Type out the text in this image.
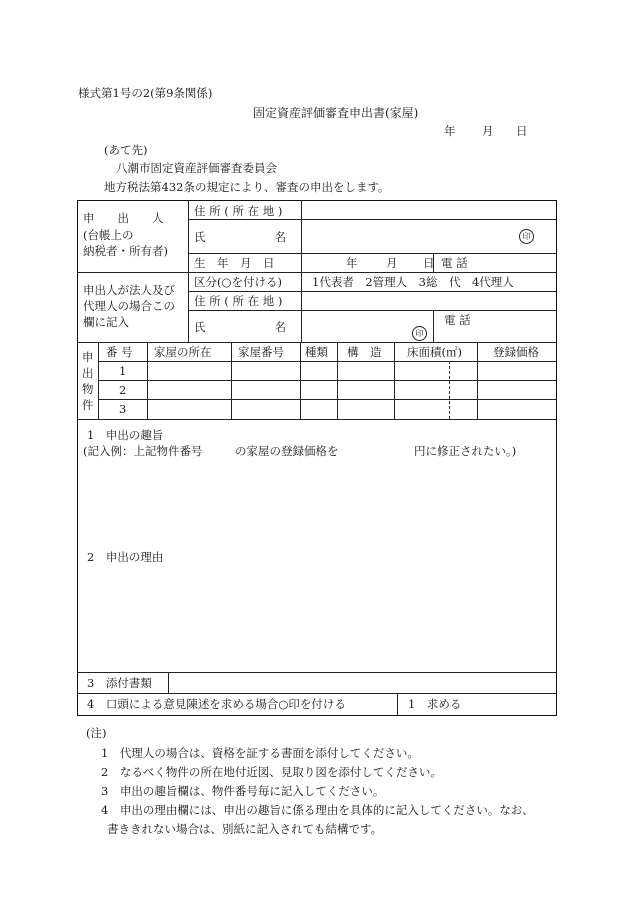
様式第1号の2(第9条関係)
固定資産評価審査申出書(家屋)
年 月 日
(あて先)
八潮市固定資産評価審査委員会
地方税法第432条の規定により、審査の申出をします。
申　　出　　人
(台帳上の
納税者・所有者)
住 所 ( 所 在 地 )
氏　　　　　　名	印
生　年　月　日	年 月 日 電 話
申出人が法人及び
代理人の場合この
欄に記入
区分(○を付ける)	1代表者　2管理人　3総　代　4代理人
住 所 ( 所 在 地 )
氏　　　　　　名	印
電 話
申
出
物
件
番 号 家屋の所在 家屋番号 種類 構　造 床面積(㎡)	登録価格
1
2
3
1　申出の趣旨
(記入例：上記物件番号	の家屋の登録価格を	円に修正されたい。)
2　申出の理由
3　添付書類
4　口頭による意見陳述を求める場合○印を付ける	1　求める
(注)
1　代理人の場合は、資格を証する書面を添付してください。
2　なるべく物件の所在地付近図、見取り図を添付してください。
3　申出の趣旨欄は、物件番号毎に記入してください。
4　申出の理由欄には、申出の趣旨に係る理由を具体的に記入してください。なお、
書ききれない場合は、別紙に記入されても結構です。
